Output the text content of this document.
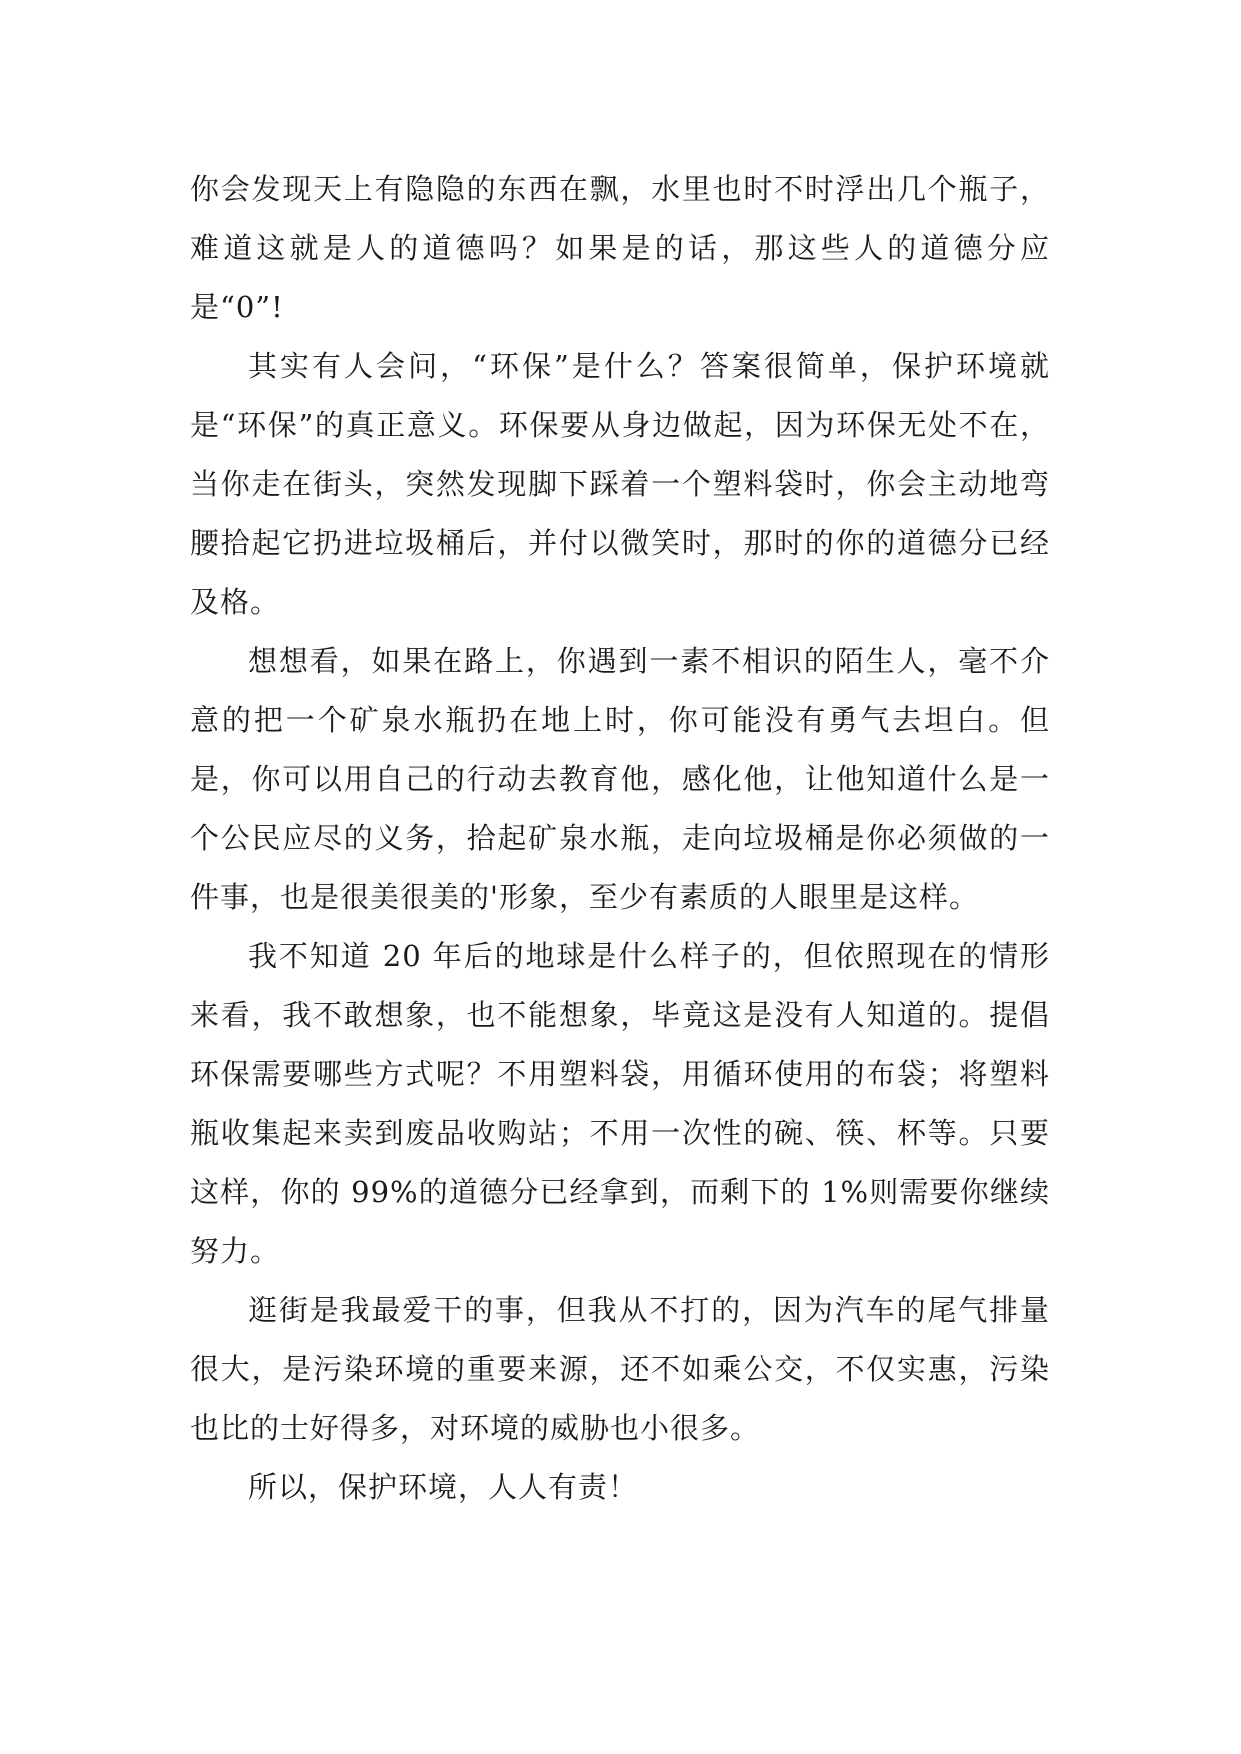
你会发现天上有隐隐的东西在飘，水里也时不时浮出几个瓶子，难道这就是人的道德吗？如果是的话，那这些人的道德分应是“0”!

其实有人会问，“环保”是什么？答案很简单，保护环境就是“环保”的真正意义。环保要从身边做起，因为环保无处不在，当你走在街头，突然发现脚下踩着一个塑料袋时，你会主动地弯腰拾起它扔进垃圾桶后，并付以微笑时，那时的你的道德分已经及格。

想想看，如果在路上，你遇到一素不相识的陌生人，毫不介意的把一个矿泉水瓶扔在地上时，你可能没有勇气去坦白。但是，你可以用自己的行动去教育他，感化他，让他知道什么是一个公民应尽的义务，拾起矿泉水瓶，走向垃圾桶是你必须做的一件事，也是很美很美的'形象，至少有素质的人眼里是这样。

我不知道 20 年后的地球是什么样子的，但依照现在的情形来看，我不敢想象，也不能想象，毕竟这是没有人知道的。提倡环保需要哪些方式呢？不用塑料袋，用循环使用的布袋；将塑料瓶收集起来卖到废品收购站；不用一次性的碗、筷、杯等。只要这样，你的 99%的道德分已经拿到，而剩下的 1%则需要你继续努力。

逛街是我最爱干的事，但我从不打的，因为汽车的尾气排量很大，是污染环境的重要来源，还不如乘公交，不仅实惠，污染也比的士好得多，对环境的威胁也小很多。

所以，保护环境，人人有责！
